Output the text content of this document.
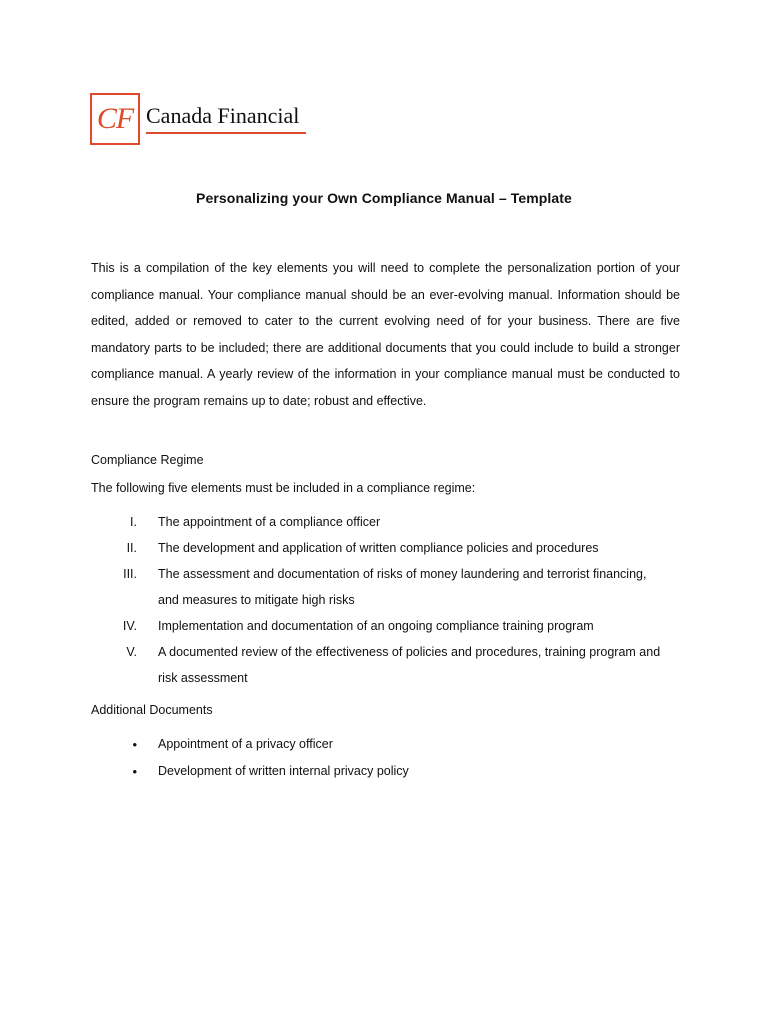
CF Canada Financial
Personalizing your Own Compliance Manual – Template

This is a compilation of the key elements you will need to complete the personalization portion of your compliance manual. Your compliance manual should be an ever-evolving manual. Information should be edited, added or removed to cater to the current evolving need of for your business. There are five mandatory parts to be included; there are additional documents that you could include to build a stronger compliance manual. A yearly review of the information in your compliance manual must be conducted to ensure the program remains up to date; robust and effective.

Compliance Regime

The following five elements must be included in a compliance regime:

I. The appointment of a compliance officer
II. The development and application of written compliance policies and procedures
III. The assessment and documentation of risks of money laundering and terrorist financing,
and measures to mitigate high risks
IV. Implementation and documentation of an ongoing compliance training program
V. A documented review of the effectiveness of policies and procedures, training program and
risk assessment

Additional Documents

• Appointment of a privacy officer
• Development of written internal privacy policy
